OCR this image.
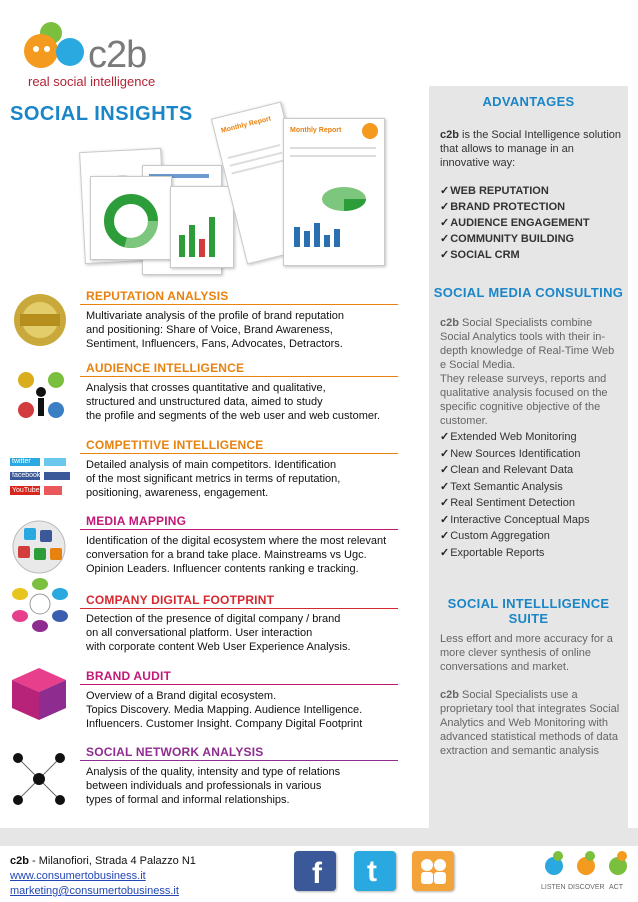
c2b
real social intelligence
SOCIAL INSIGHTS
Monthly Report	Monthly Report
twitter
facebook
YouTube
REPUTATION ANALYSIS
Multivariate analysis of the profile of brand reputation
and positioning: Share of Voice, Brand Awareness,
Sentiment, Influencers, Fans, Advocates, Detractors.
AUDIENCE INTELLIGENCE
Analysis that crosses quantitative and qualitative,
structured and unstructured data, aimed to study
the profile and segments of the web user and web customer.
COMPETITIVE INTELLIGENCE
Detailed analysis of main competitors. Identification
of the most significant metrics in terms of reputation,
positioning, awareness, engagement.
MEDIA MAPPING
Identification of the digital ecosystem where the most relevant
conversation for a brand take place. Mainstreams vs Ugc.
Opinion Leaders. Influencer contents ranking e tracking.
COMPANY DIGITAL FOOTPRINT
Detection of the presence of digital company / brand
on all conversational platform. User interaction
with corporate content Web User Experience Analysis.
BRAND AUDIT
Overview of a Brand digital ecosystem.
Topics Discovery. Media Mapping. Audience Intelligence.
Influencers. Customer Insight. Company Digital Footprint
SOCIAL NETWORK ANALYSIS
Analysis of the quality, intensity and type of relations
between individuals and professionals in various
types of formal and informal relationships.
ADVANTAGES
c2b is the Social Intelligence solution that allows to manage in an innovative way:
✓WEB REPUTATION
✓BRAND PROTECTION
✓AUDIENCE ENGAGEMENT
✓COMMUNITY BUILDING
✓SOCIAL CRM
SOCIAL MEDIA CONSULTING
c2b Social Specialists combine Social Analytics tools with their in-depth knowledge of Real-Time Web e Social Media.
They release surveys, reports and qualitative analysis focused on the specific cognitive objective of the customer.
✓Extended Web Monitoring
✓New Sources Identification
✓Clean and Relevant Data
✓Text Semantic Analysis
✓Real Sentiment Detection
✓Interactive Conceptual Maps
✓Custom Aggregation
✓Exportable Reports
SOCIAL INTELLLIGENCE SUITE
Less effort and more accuracy for a more clever synthesis of online conversations and market.
c2b Social Specialists use a proprietary tool that integrates Social Analytics and Web Monitoring with advanced statistical methods of data extraction and semantic analysis
c2b - Milanofiori, Strada 4 Palazzo N1
www.consumertobusiness.it
marketing@consumertobusiness.it
f t	LISTEN DISCOVER ACT
